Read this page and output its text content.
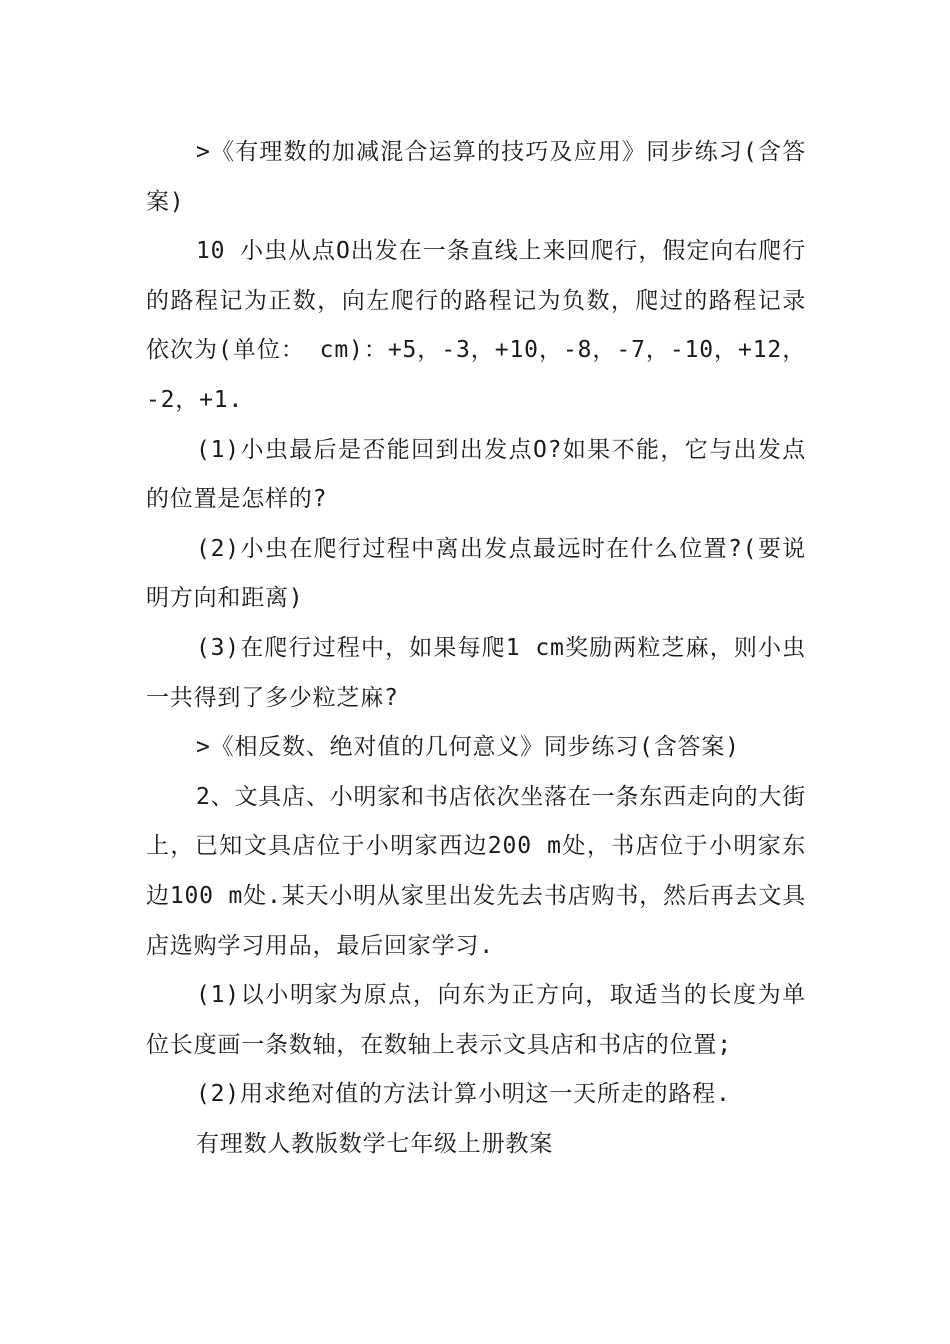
>《有理数的加减混合运算的技巧及应用》同步练习(含答案)

10 小虫从点O出发在一条直线上来回爬行，假定向右爬行的路程记为正数，向左爬行的路程记为负数，爬过的路程记录依次为(单位： cm)：+5，-3，+10，-8，-7，-10，+12，-2，+1.

(1)小虫最后是否能回到出发点O?如果不能，它与出发点的位置是怎样的?

(2)小虫在爬行过程中离出发点最远时在什么位置?(要说明方向和距离)

(3)在爬行过程中，如果每爬1 cm奖励两粒芝麻，则小虫一共得到了多少粒芝麻?

>《相反数、绝对值的几何意义》同步练习(含答案)

2、文具店、小明家和书店依次坐落在一条东西走向的大街上，已知文具店位于小明家西边200 m处，书店位于小明家东边100 m处.某天小明从家里出发先去书店购书，然后再去文具店选购学习用品，最后回家学习.

(1)以小明家为原点，向东为正方向，取适当的长度为单位长度画一条数轴，在数轴上表示文具店和书店的位置;

(2)用求绝对值的方法计算小明这一天所走的路程.

有理数人教版数学七年级上册教案
